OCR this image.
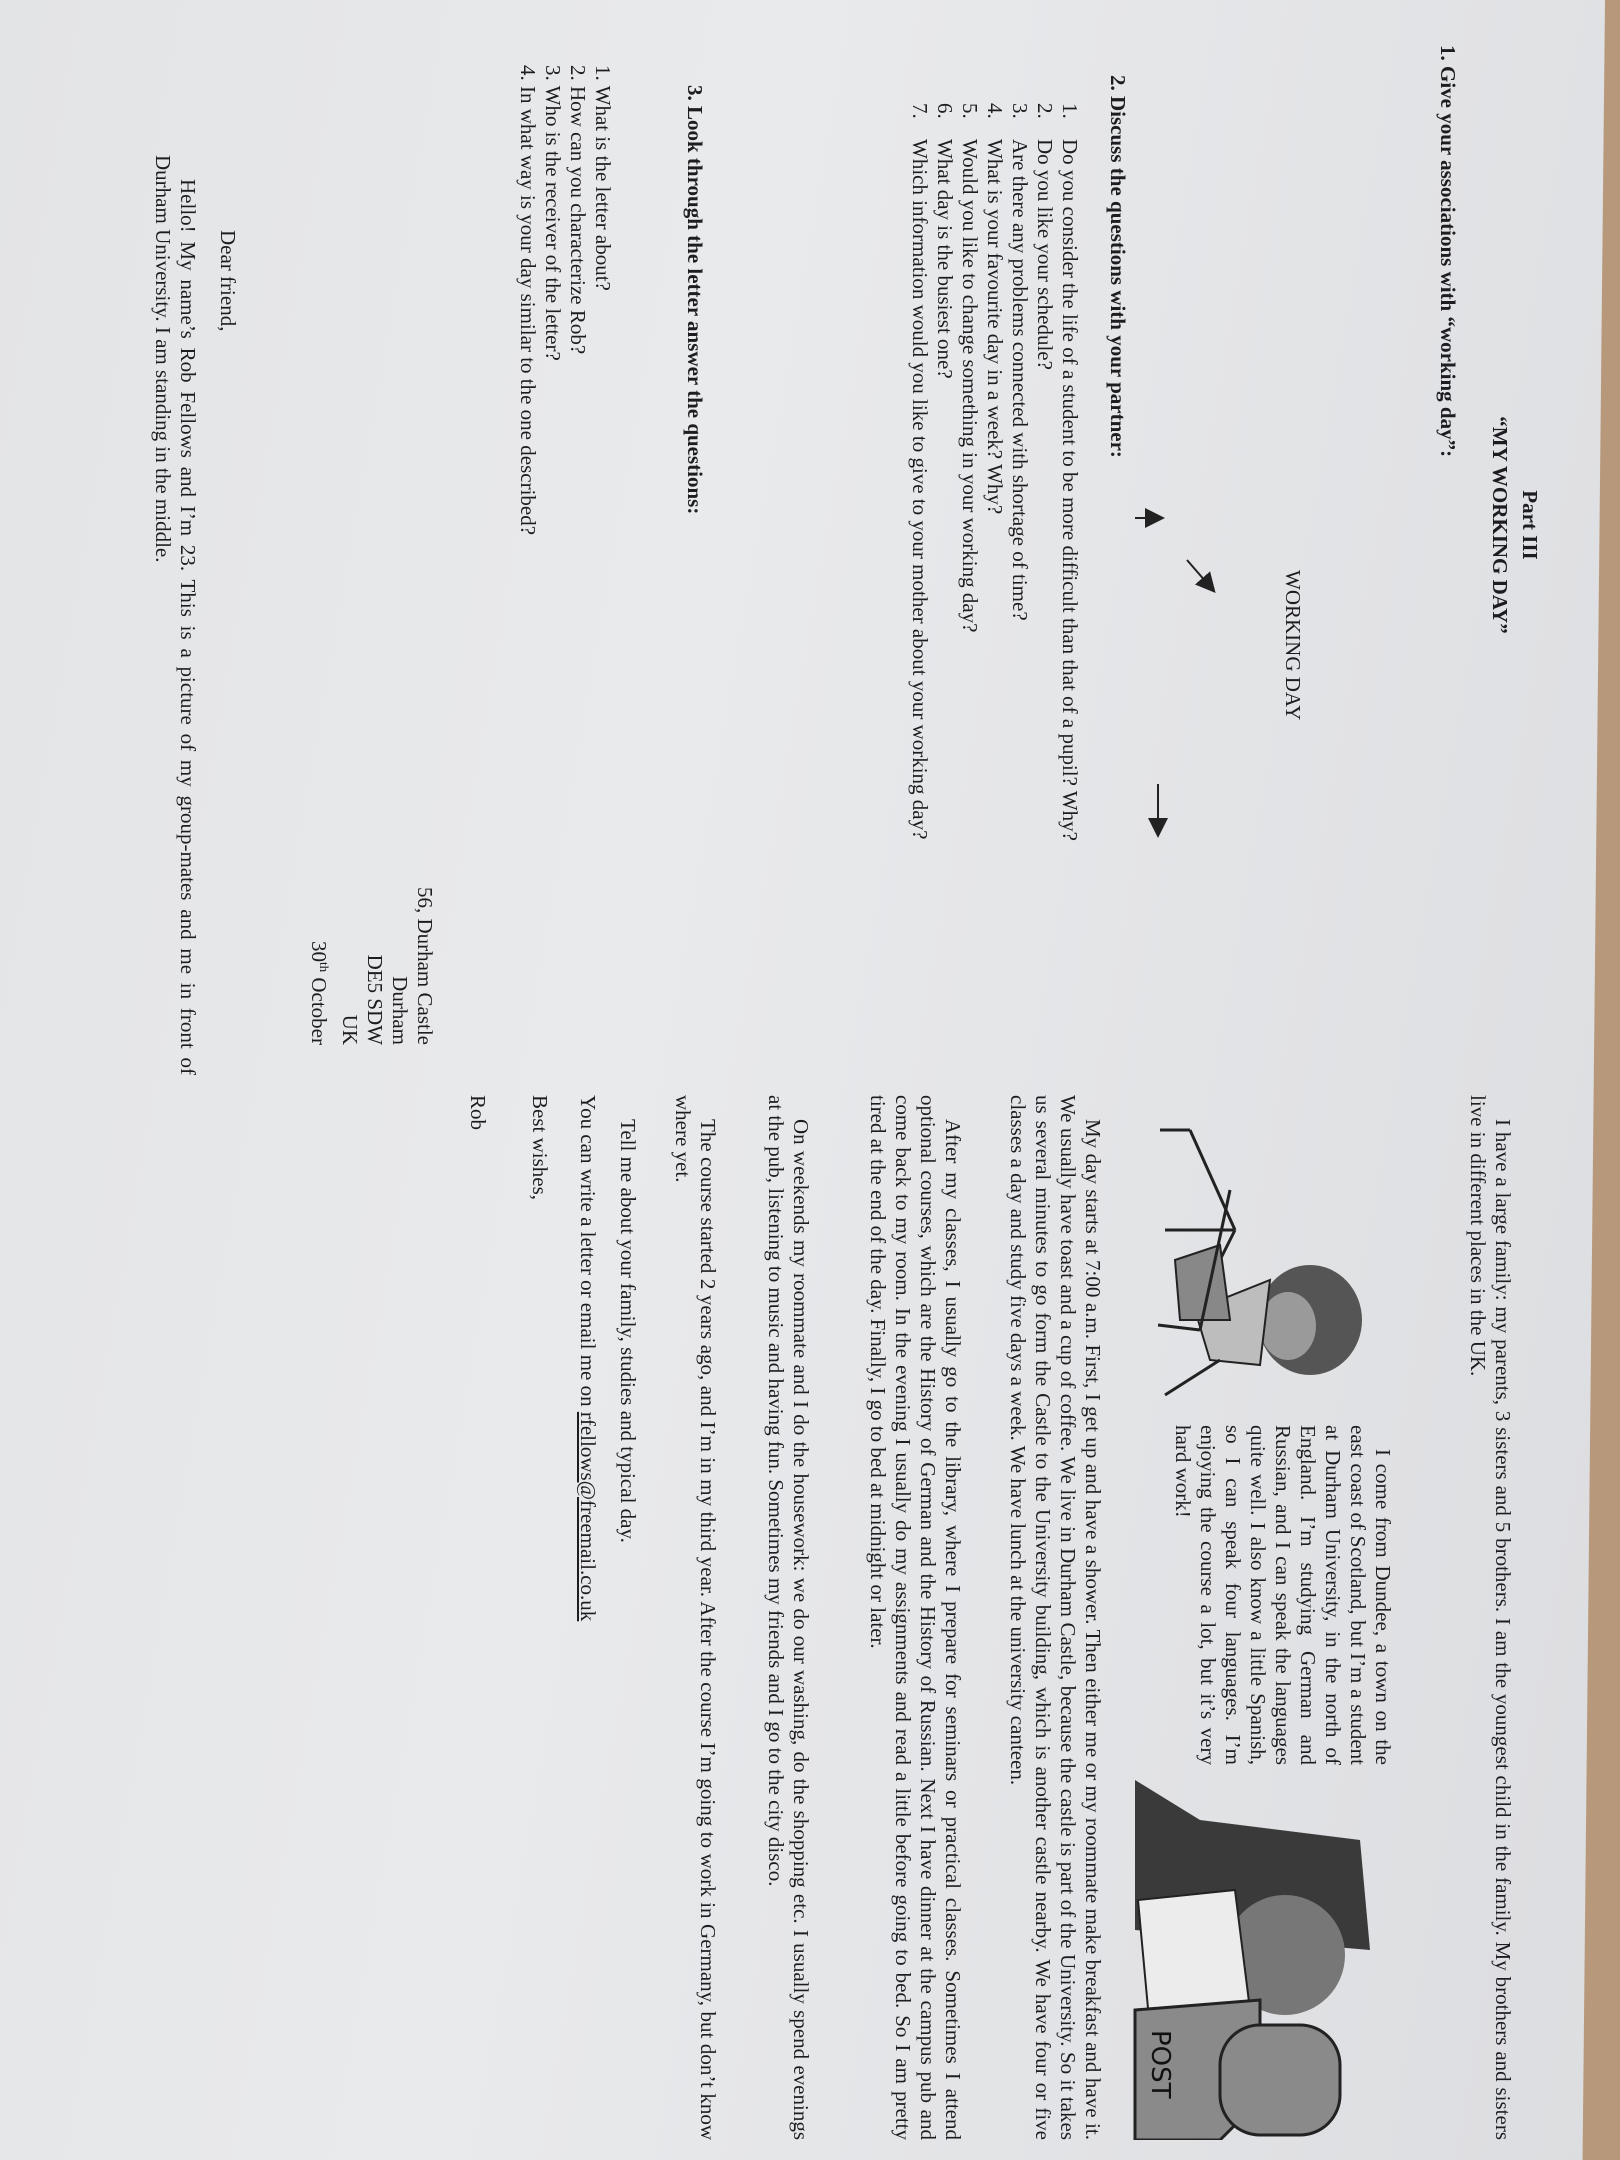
Part III
“MY WORKING DAY”
1. Give your associations with “working day”:
WORKING DAY
2. Discuss the questions with your partner:
1.
Do you consider the life of a student to be more difficult than that of a pupil? Why?
2.
Do you like your schedule?
3.
Are there any problems connected with shortage of time?
4.
What is your favourite day in a week? Why?
5.
Would you like to change something in your working day?
6.
What day is the busiest one?
7.
Which information would you like to give to your mother about your working day?
3. Look through the letter answer the questions:
1. What is the letter about?
2. How can you characterize Rob?
3. Who is the receiver of the letter?
4. In what way is your day similar to the one described?
56, Durham Castle
Durham
DE5 SDW
UK
30th October
Dear friend,

Hello! My name’s Rob Fellows and I’m 23. This is a picture of my group-mates and me in front of Durham University. I am standing in the middle.

I have a large family: my parents, 3 sisters and 5 brothers. I am the youngest child in the family. My brothers and sisters live in different places in the UK.

I come from Dundee, a town on the east coast of Scotland, but I’m a student at Durham University, in the north of England. I’m studying German and Russian, and I can speak the languages quite well. I also know a little Spanish, so I can speak four languages. I’m enjoying the course a lot, but it’s very hard work!

POST

My day starts at 7:00 a.m. First, I get up and have a shower. Then either me or my roommate make breakfast and have it. We usually have toast and a cup of coffee. We live in Durham Castle, because the castle is part of the University. So it takes us several minutes to go form the Castle to the University building, which is another castle nearby. We have four or five classes a day and study five days a week. We have lunch at the university canteen.

After my classes, I usually go to the library, where I prepare for seminars or practical classes. Sometimes I attend optional courses, which are the History of German and the History of Russian. Next I have dinner at the campus pub and come back to my room. In the evening I usually do my assignments and read a little before going to bed. So I am pretty tired at the end of the day. Finally, I go to bed at midnight or later.

On weekends my roommate and I do the housework: we do our washing, do the shopping etc. I usually spend evenings at the pub, listening to music and having fun. Sometimes my friends and I go to the city disco.

The course started 2 years ago, and I’m in my third year. After the course I’m going to work in Germany, but don’t know where yet.

Tell me about your family, studies and typical day.

You can write a letter or email me on rfellows@freemail.co.uk

Best wishes,
Rob
